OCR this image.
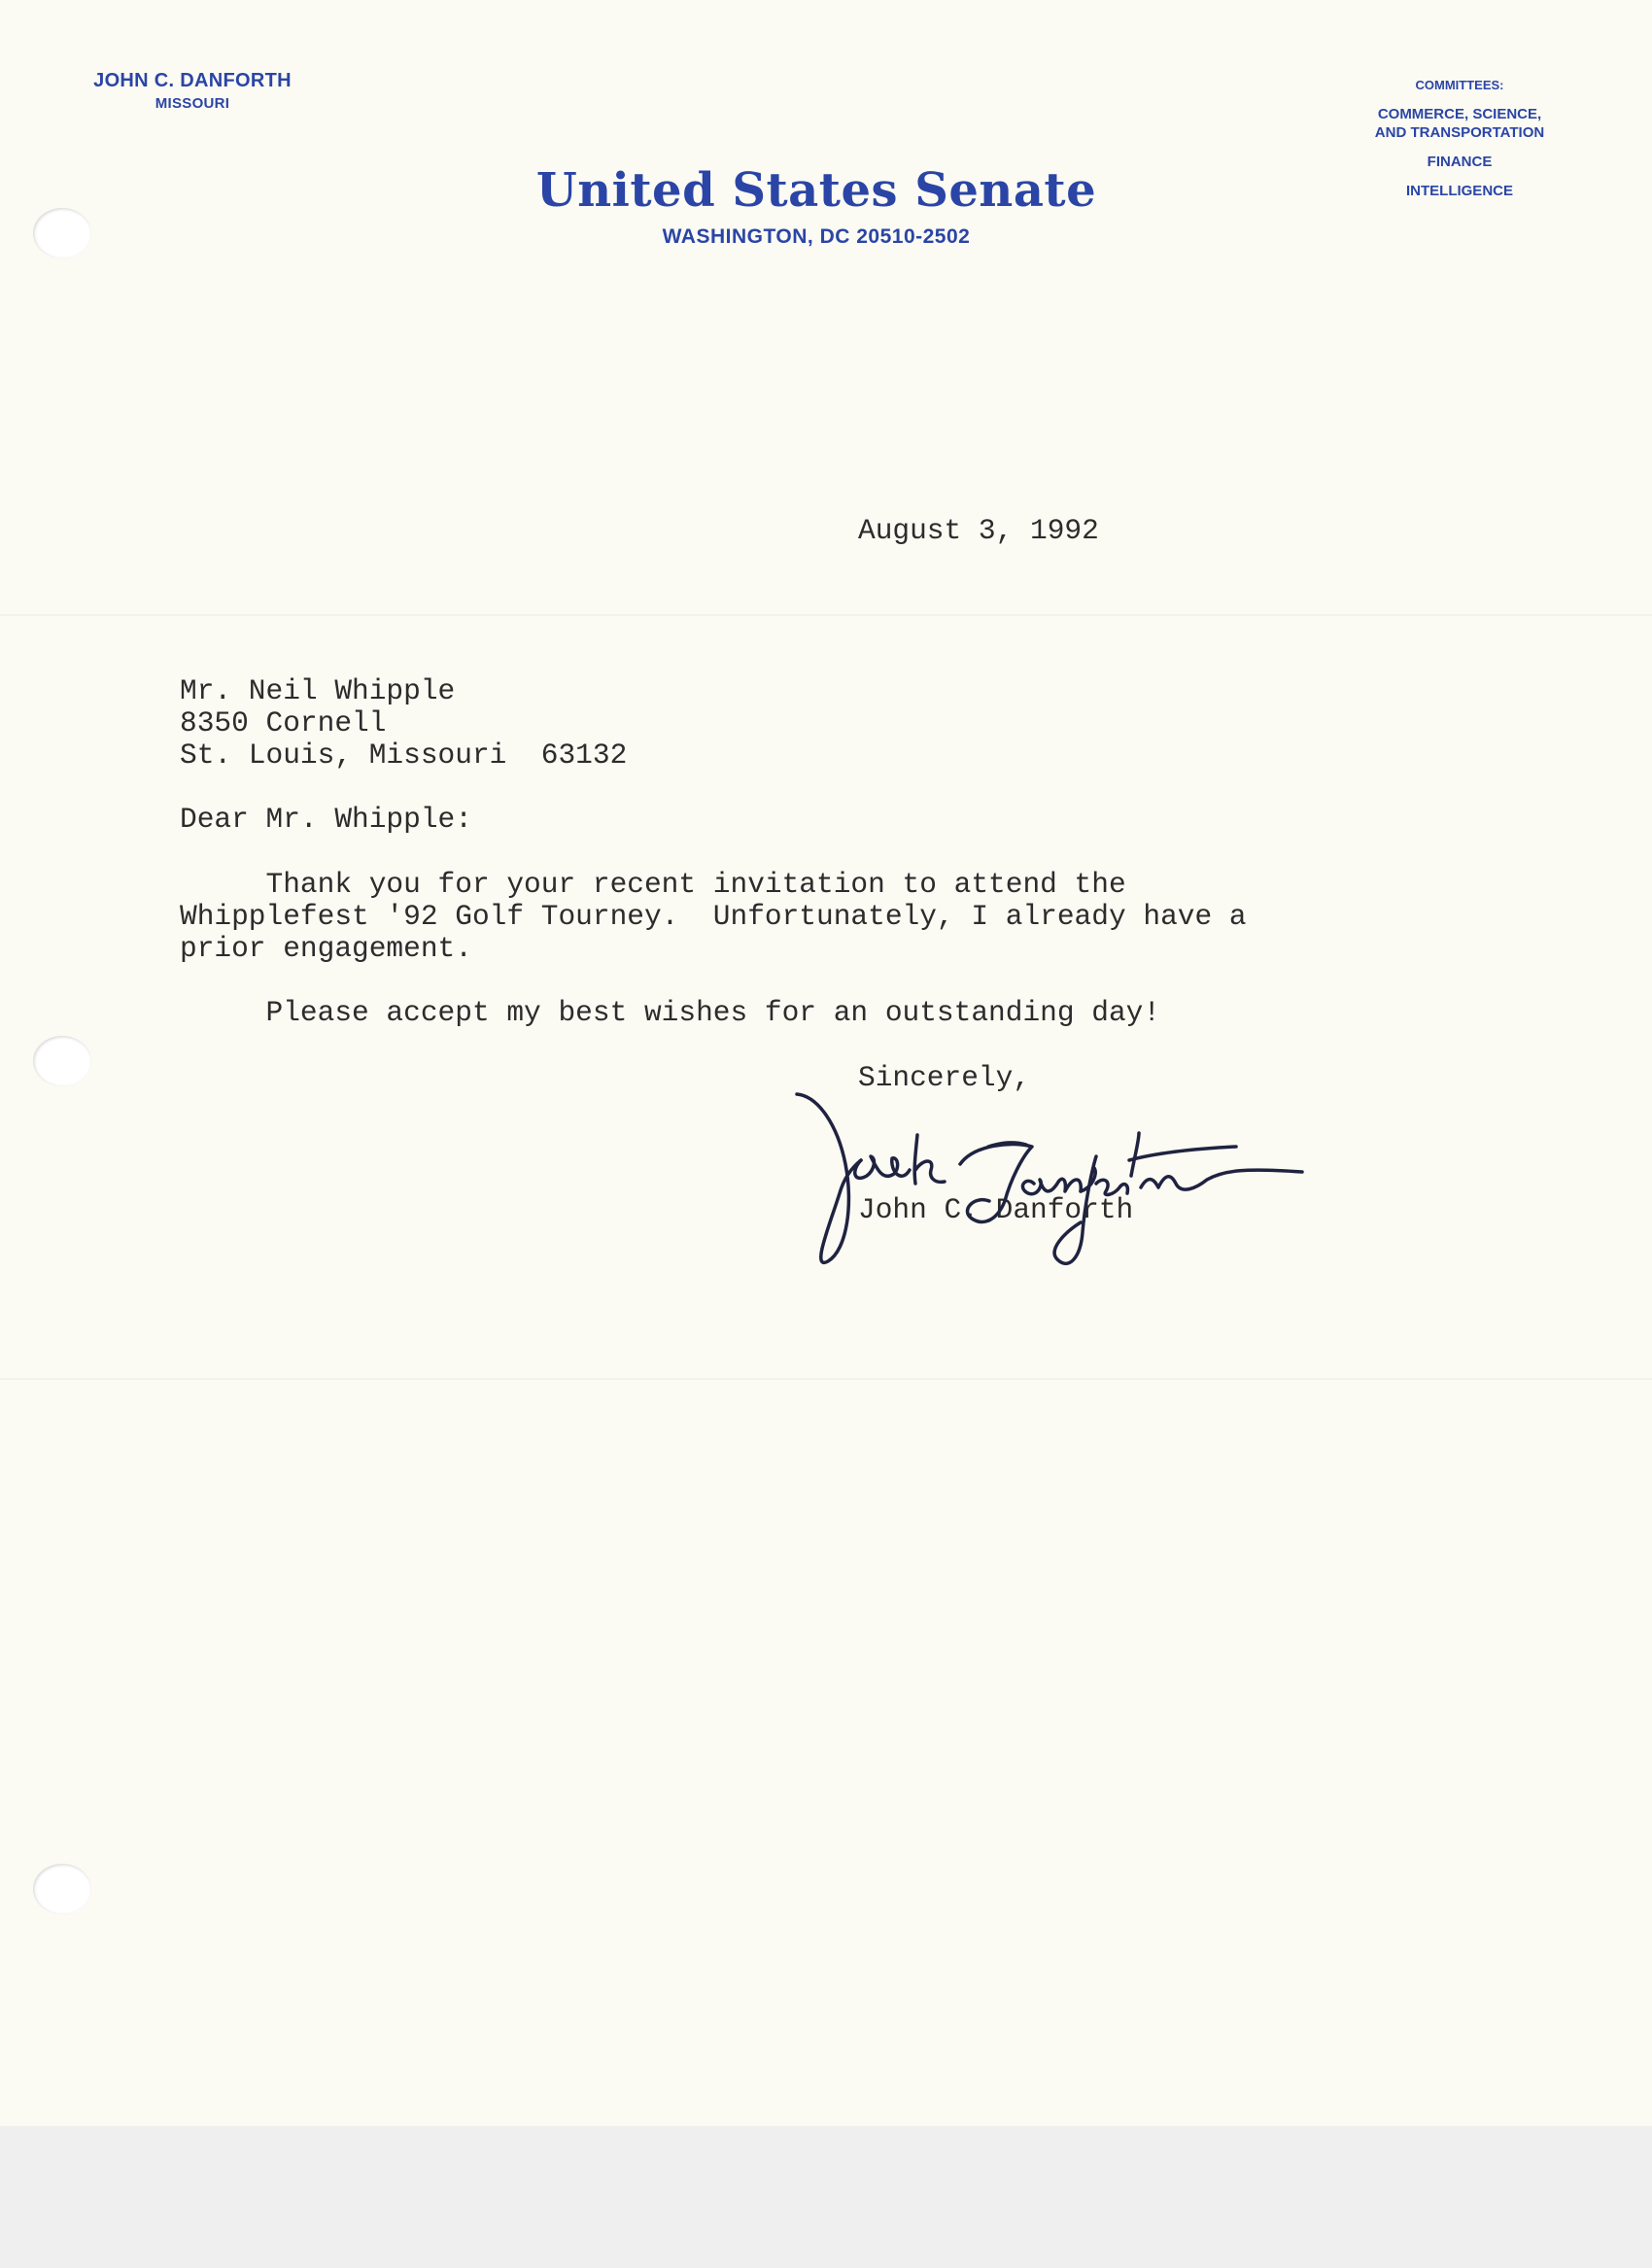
JOHN C. DANFORTH
MISSOURI
United States Senate
WASHINGTON, DC 20510-2502
COMMITTEES:
COMMERCE, SCIENCE,
AND TRANSPORTATION
FINANCE
INTELLIGENCE
August 3, 1992
Mr. Neil Whipple
8350 Cornell
St. Louis, Missouri  63132
Dear Mr. Whipple:
Thank you for your recent invitation to attend the
Whipplefest '92 Golf Tourney.  Unfortunately, I already have a
prior engagement.
Please accept my best wishes for an outstanding day!
Sincerely,
John C. Danforth
